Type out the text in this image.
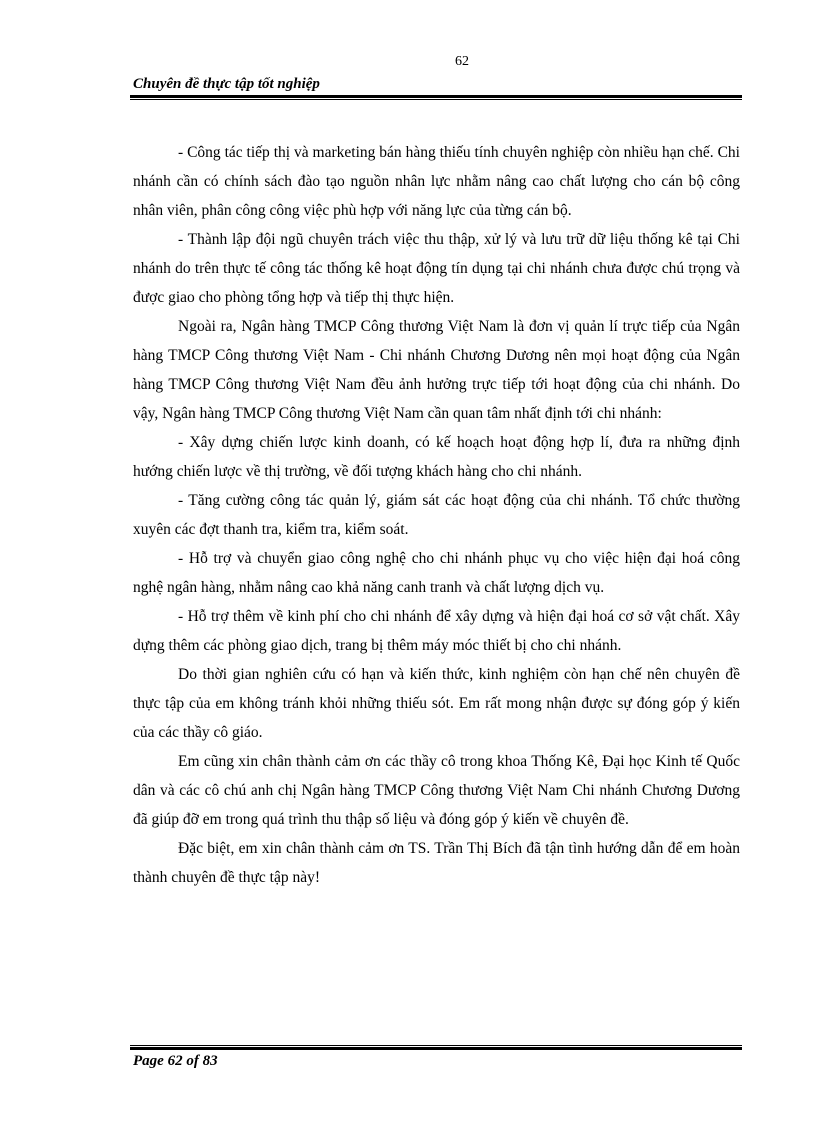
62
Chuyên đề thực tập tốt nghiệp

- Công tác tiếp thị và marketing bán hàng thiếu tính chuyên nghiệp còn nhiều hạn chế. Chi nhánh cần có chính sách đào tạo nguồn nhân lực nhằm nâng cao chất lượng cho cán bộ công nhân viên, phân công công việc phù hợp với năng lực của từng cán bộ.

- Thành lập đội ngũ chuyên trách việc thu thập, xử lý và lưu trữ dữ liệu thống kê tại Chi nhánh do trên thực tế công tác thống kê hoạt động tín dụng tại chi nhánh chưa được chú trọng và được giao cho phòng tổng hợp và tiếp thị thực hiện.

Ngoài ra, Ngân hàng TMCP Công thương Việt Nam là đơn vị quản lí trực tiếp của Ngân hàng TMCP Công thương Việt Nam - Chi nhánh Chương Dương nên mọi hoạt động của Ngân hàng TMCP Công thương Việt Nam đều ảnh hưởng trực tiếp tới hoạt động của chi nhánh. Do vậy, Ngân hàng TMCP Công thương Việt Nam cần quan tâm nhất định tới chi nhánh:

- Xây dựng chiến lược kinh doanh, có kế hoạch hoạt động hợp lí, đưa ra những định hướng chiến lược về thị trường, về đối tượng khách hàng cho chi nhánh.

- Tăng cường công tác quản lý, giám sát các hoạt động của chi nhánh. Tổ chức thường xuyên các đợt thanh tra, kiểm tra, kiểm soát.

- Hỗ trợ và chuyển giao công nghệ cho chi nhánh phục vụ cho việc hiện đại hoá công nghệ ngân hàng, nhằm nâng cao khả năng canh tranh và chất lượng dịch vụ.

- Hỗ trợ thêm về kinh phí cho chi nhánh để xây dựng và hiện đại hoá cơ sở vật chất. Xây dựng thêm các phòng giao dịch, trang bị thêm máy móc thiết bị cho chi nhánh.

Do thời gian nghiên cứu có hạn và kiến thức, kinh nghiệm còn hạn chế nên chuyên đề thực tập của em không tránh khỏi những thiếu sót. Em rất mong nhận được sự đóng góp ý kiến của các thầy cô giáo.

Em cũng xin chân thành cảm ơn các thầy cô trong khoa Thống Kê, Đại học Kinh tế Quốc dân và các cô chú anh chị Ngân hàng TMCP Công thương Việt Nam Chi nhánh Chương Dương đã giúp đỡ em trong quá trình thu thập số liệu và đóng góp ý kiến về chuyên đề.

Đặc biệt, em xin chân thành cảm ơn TS. Trần Thị Bích đã tận tình hướng dẫn để em hoàn thành chuyên đề thực tập này!

Page 62 of 83
